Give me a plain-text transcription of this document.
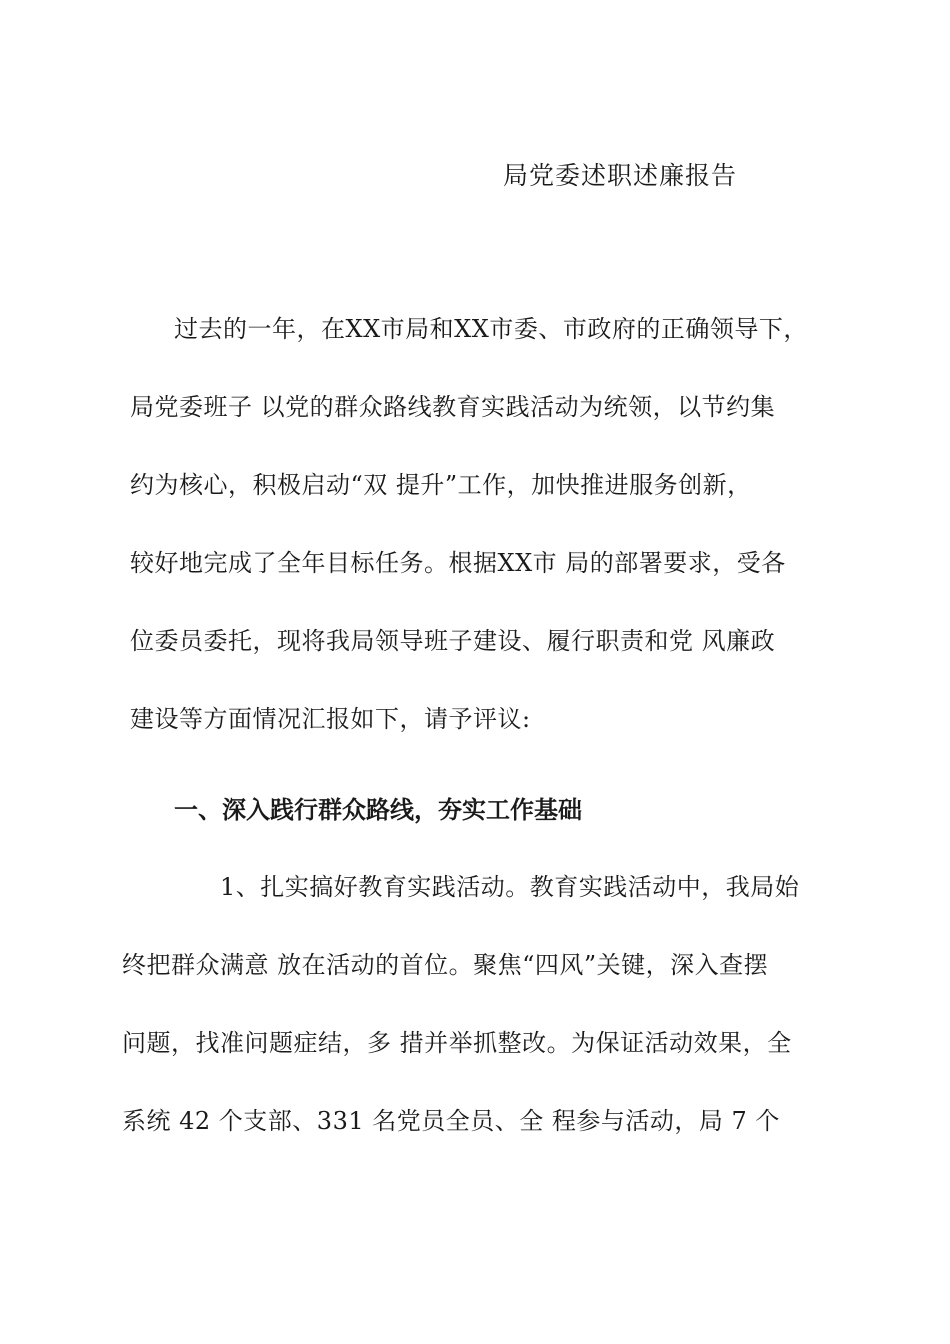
局党委述职述廉报告
过去的一年，在XX市局和XX市委、市政府的正确领导下，
局党委班子 以党的群众路线教育实践活动为统领，以节约集
约为核心，积极启动“双 提升”工作，加快推进服务创新，
较好地完成了全年目标任务。根据XX市 局的部署要求，受各
位委员委托，现将我局领导班子建设、履行职责和党 风廉政
建设等方面情况汇报如下，请予评议:
一、深入践行群众路线，夯实工作基础
1、扎实搞好教育实践活动。教育实践活动中，我局始
终把群众满意 放在活动的首位。聚焦“四风”关键，深入查摆
问题，找准问题症结，多 措并举抓整改。为保证活动效果，全
系统 42 个支部、331 名党员全员、全 程参与活动，局 7 个
